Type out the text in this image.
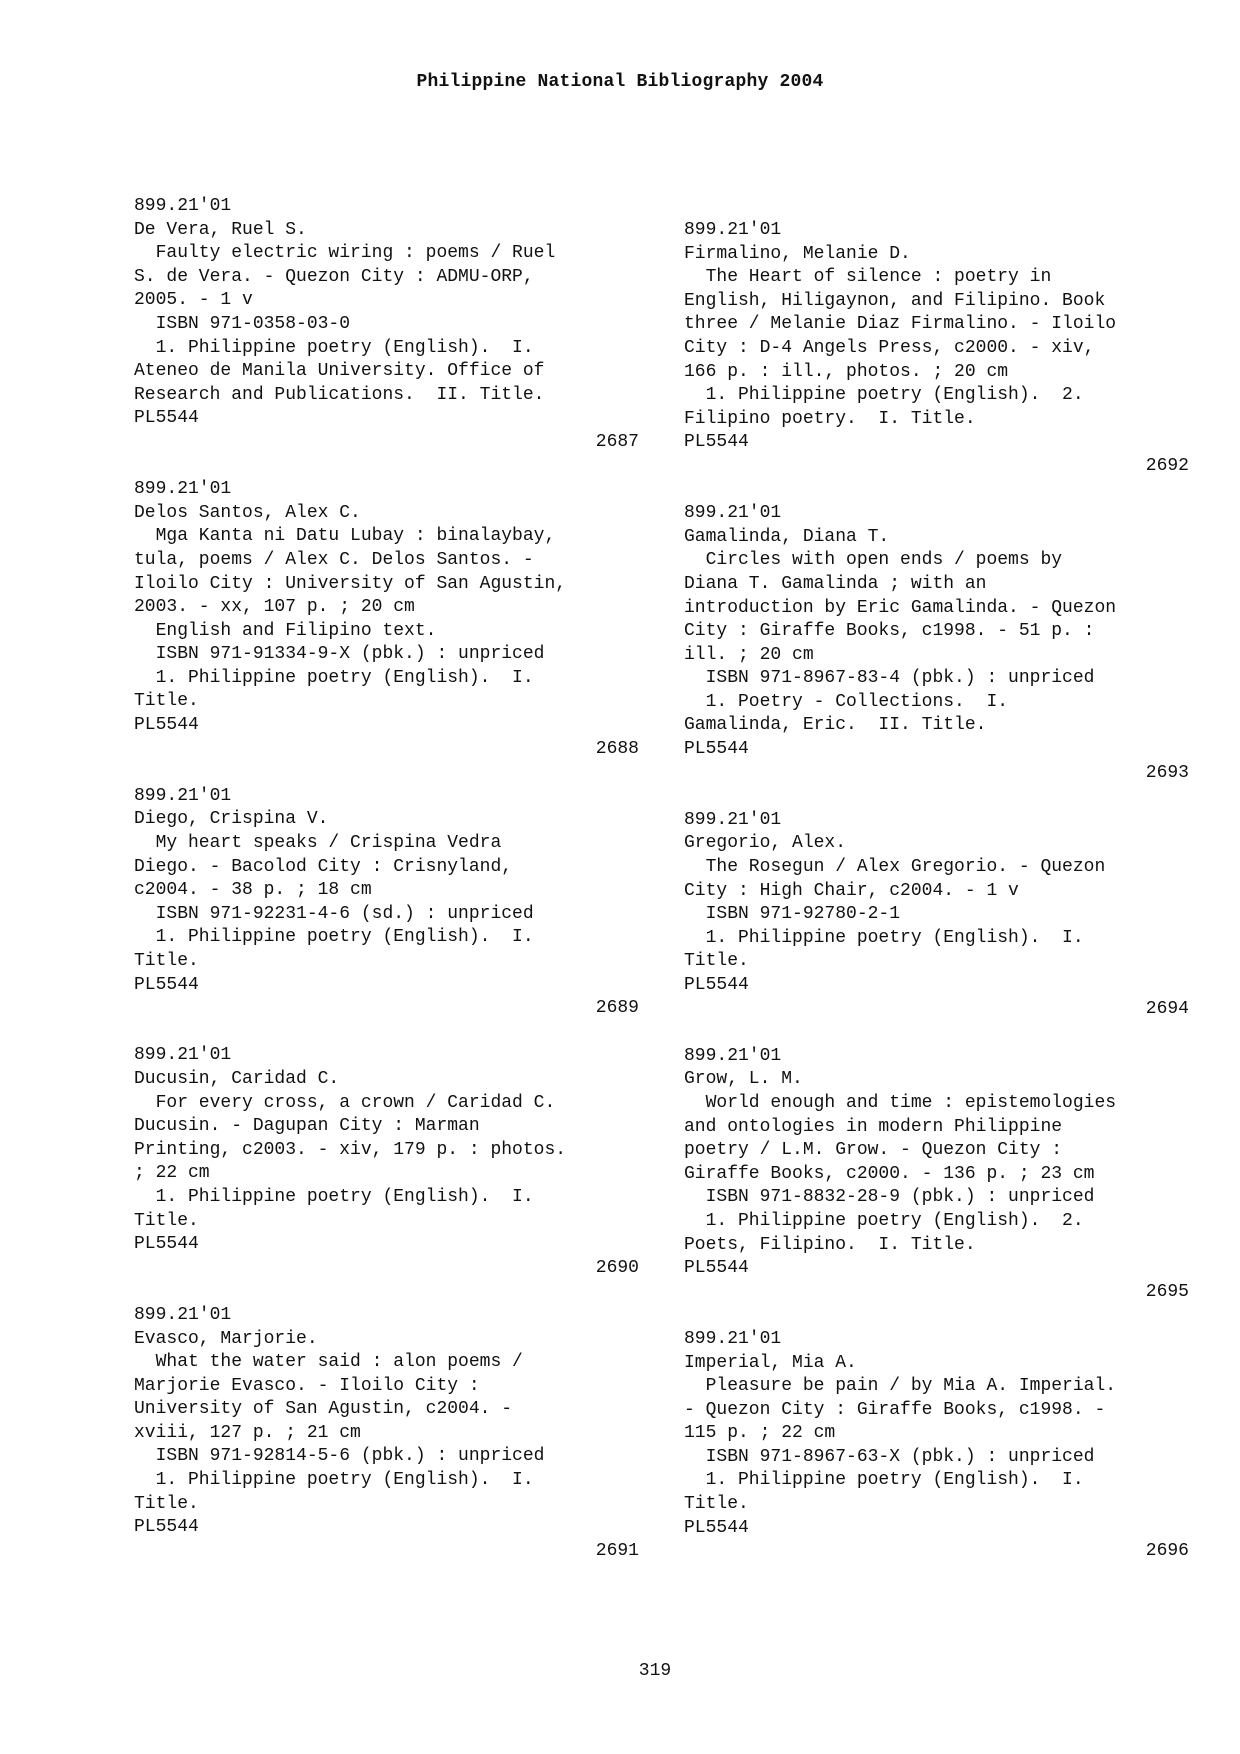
Philippine National Bibliography 2004
899.21'01
De Vera, Ruel S.
Faulty electric wiring : poems / Ruel
S. de Vera. - Quezon City : ADMU-ORP,
2005. - 1 v
ISBN 971-0358-03-0
1. Philippine poetry (English).  I.
Ateneo de Manila University. Office of
Research and Publications.  II. Title.
PL5544
2687
899.21'01
Delos Santos, Alex C.
Mga Kanta ni Datu Lubay : binalaybay,
tula, poems / Alex C. Delos Santos. -
Iloilo City : University of San Agustin,
2003. - xx, 107 p. ; 20 cm
English and Filipino text.
ISBN 971-91334-9-X (pbk.) : unpriced
1. Philippine poetry (English).  I.
Title.
PL5544
2688
899.21'01
Diego, Crispina V.
My heart speaks / Crispina Vedra
Diego. - Bacolod City : Crisnyland,
c2004. - 38 p. ; 18 cm
ISBN 971-92231-4-6 (sd.) : unpriced
1. Philippine poetry (English).  I.
Title.
PL5544
2689
899.21'01
Ducusin, Caridad C.
For every cross, a crown / Caridad C.
Ducusin. - Dagupan City : Marman
Printing, c2003. - xiv, 179 p. : photos.
; 22 cm
1. Philippine poetry (English).  I.
Title.
PL5544
2690
899.21'01
Evasco, Marjorie.
What the water said : alon poems /
Marjorie Evasco. - Iloilo City :
University of San Agustin, c2004. -
xviii, 127 p. ; 21 cm
ISBN 971-92814-5-6 (pbk.) : unpriced
1. Philippine poetry (English).  I.
Title.
PL5544
2691
899.21'01
Firmalino, Melanie D.
The Heart of silence : poetry in
English, Hiligaynon, and Filipino. Book
three / Melanie Diaz Firmalino. - Iloilo
City : D-4 Angels Press, c2000. - xiv,
166 p. : ill., photos. ; 20 cm
1. Philippine poetry (English).  2.
Filipino poetry.  I. Title.
PL5544
2692
899.21'01
Gamalinda, Diana T.
Circles with open ends / poems by
Diana T. Gamalinda ; with an
introduction by Eric Gamalinda. - Quezon
City : Giraffe Books, c1998. - 51 p. :
ill. ; 20 cm
ISBN 971-8967-83-4 (pbk.) : unpriced
1. Poetry - Collections.  I.
Gamalinda, Eric.  II. Title.
PL5544
2693
899.21'01
Gregorio, Alex.
The Rosegun / Alex Gregorio. - Quezon
City : High Chair, c2004. - 1 v
ISBN 971-92780-2-1
1. Philippine poetry (English).  I.
Title.
PL5544
2694
899.21'01
Grow, L. M.
World enough and time : epistemologies
and ontologies in modern Philippine
poetry / L.M. Grow. - Quezon City :
Giraffe Books, c2000. - 136 p. ; 23 cm
ISBN 971-8832-28-9 (pbk.) : unpriced
1. Philippine poetry (English).  2.
Poets, Filipino.  I. Title.
PL5544
2695
899.21'01
Imperial, Mia A.
Pleasure be pain / by Mia A. Imperial.
- Quezon City : Giraffe Books, c1998. -
115 p. ; 22 cm
ISBN 971-8967-63-X (pbk.) : unpriced
1. Philippine poetry (English).  I.
Title.
PL5544
2696
319
